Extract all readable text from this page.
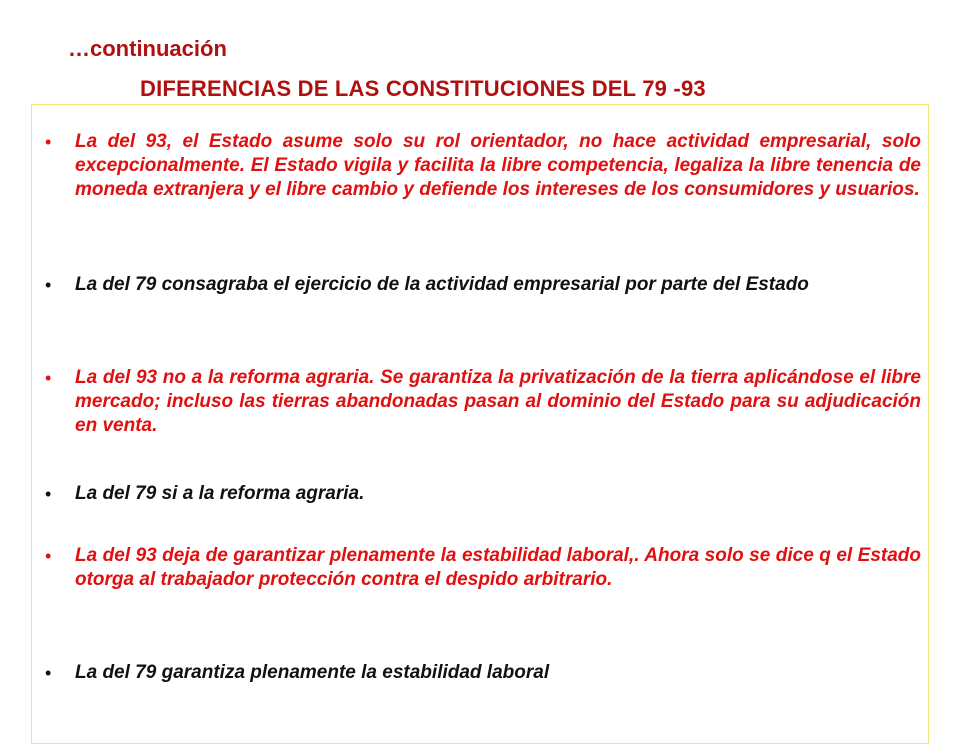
…continuación
DIFERENCIAS DE LAS CONSTITUCIONES DEL 79 -93
•	La del 93, el Estado asume solo su rol orientador, no hace actividad empresarial, solo excepcionalmente. El Estado vigila y facilita la libre competencia, legaliza la libre tenencia de moneda extranjera y el libre cambio y defiende los intereses de los consumidores y usuarios.
•	La del 79 consagraba el ejercicio de la actividad empresarial por parte del Estado
•	La del 93 no a la reforma agraria. Se garantiza la privatización de la tierra aplicándose el libre mercado; incluso las tierras abandonadas pasan al dominio del Estado para su adjudicación en venta.
•	La del 79 si a la reforma agraria.
•	La del 93 deja de garantizar plenamente la estabilidad laboral,. Ahora solo se dice q el Estado otorga al trabajador protección contra el despido arbitrario.
•	La del 79 garantiza plenamente la estabilidad laboral
